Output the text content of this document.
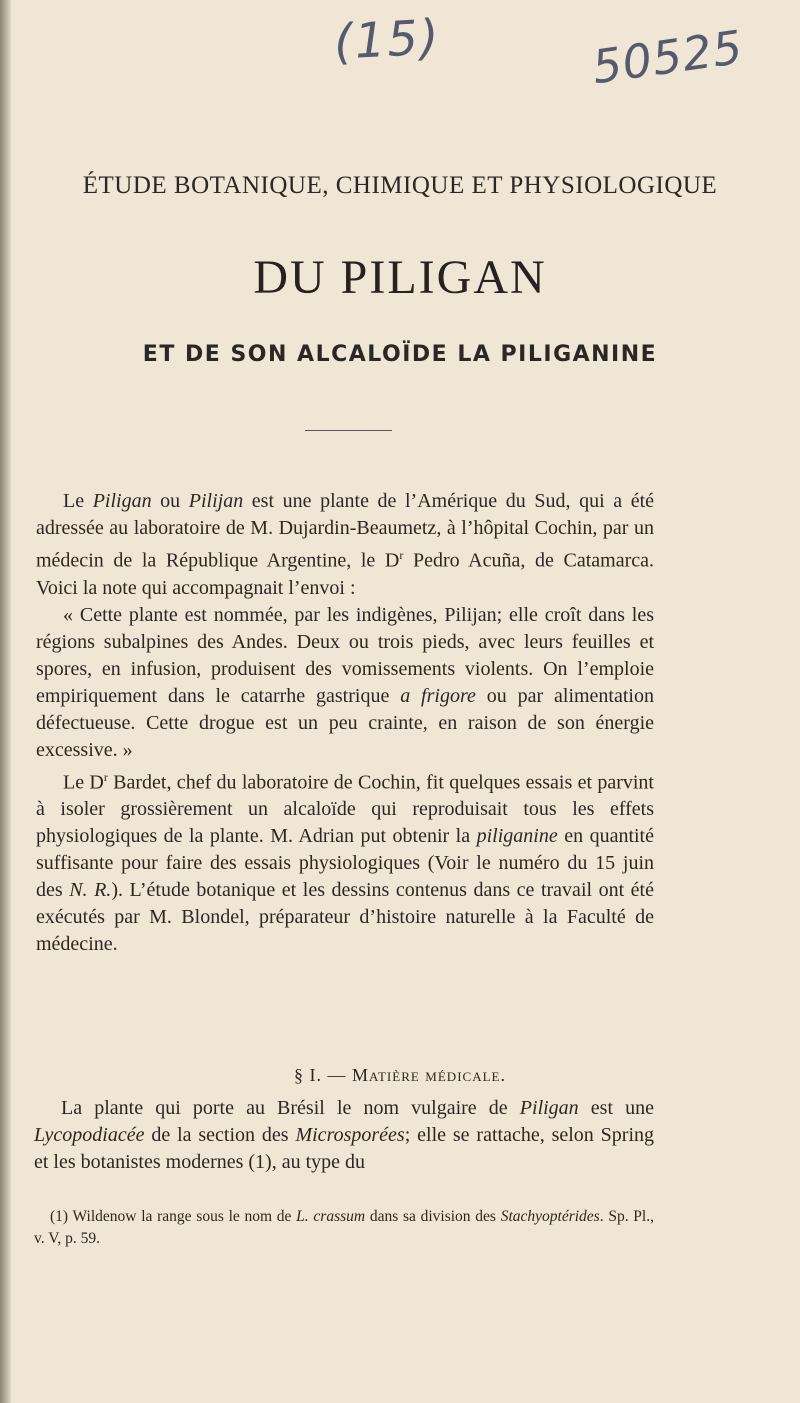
(15)	50525
ÉTUDE BOTANIQUE, CHIMIQUE ET PHYSIOLOGIQUE
DU PILIGAN
ET DE SON ALCALOÏDE LA PILIGANINE

Le Piligan ou Pilijan est une plante de l’Amérique du Sud, qui a été adressée au laboratoire de M. Dujardin-Beaumetz, à l’hôpital Cochin, par un médecin de la République Argentine, le $D^r$ Pedro Acuña, de Catamarca. Voici la note qui accompagnait l’envoi :

« Cette plante est nommée, par les indigènes, Pilijan; elle croît dans les régions subalpines des Andes. Deux ou trois pieds, avec leurs feuilles et spores, en infusion, produisent des vomissements violents. On l’emploie empiriquement dans le catarrhe gastrique a frigore ou par alimentation défectueuse. Cette drogue est un peu crainte, en raison de son énergie excessive. »

Le $D^r$ Bardet, chef du laboratoire de Cochin, fit quelques essais et parvint à isoler grossièrement un alcaloïde qui reproduisait tous les effets physiologiques de la plante. M. Adrian put obtenir la piliganine en quantité suffisante pour faire des essais physiologiques (Voir le numéro du 15 juin des N. R.). L’étude botanique et les dessins contenus dans ce travail ont été exécutés par M. Blondel, préparateur d’histoire naturelle à la Faculté de médecine.

§ I. — Matière médicale.

La plante qui porte au Brésil le nom vulgaire de Piligan est une Lycopodiacée de la section des Microsporées; elle se rattache, selon Spring et les botanistes modernes (1), au type du

(1) Wildenow la range sous le nom de L. crassum dans sa division des Stachyoptérides. Sp. Pl., v. V, p. 59.
